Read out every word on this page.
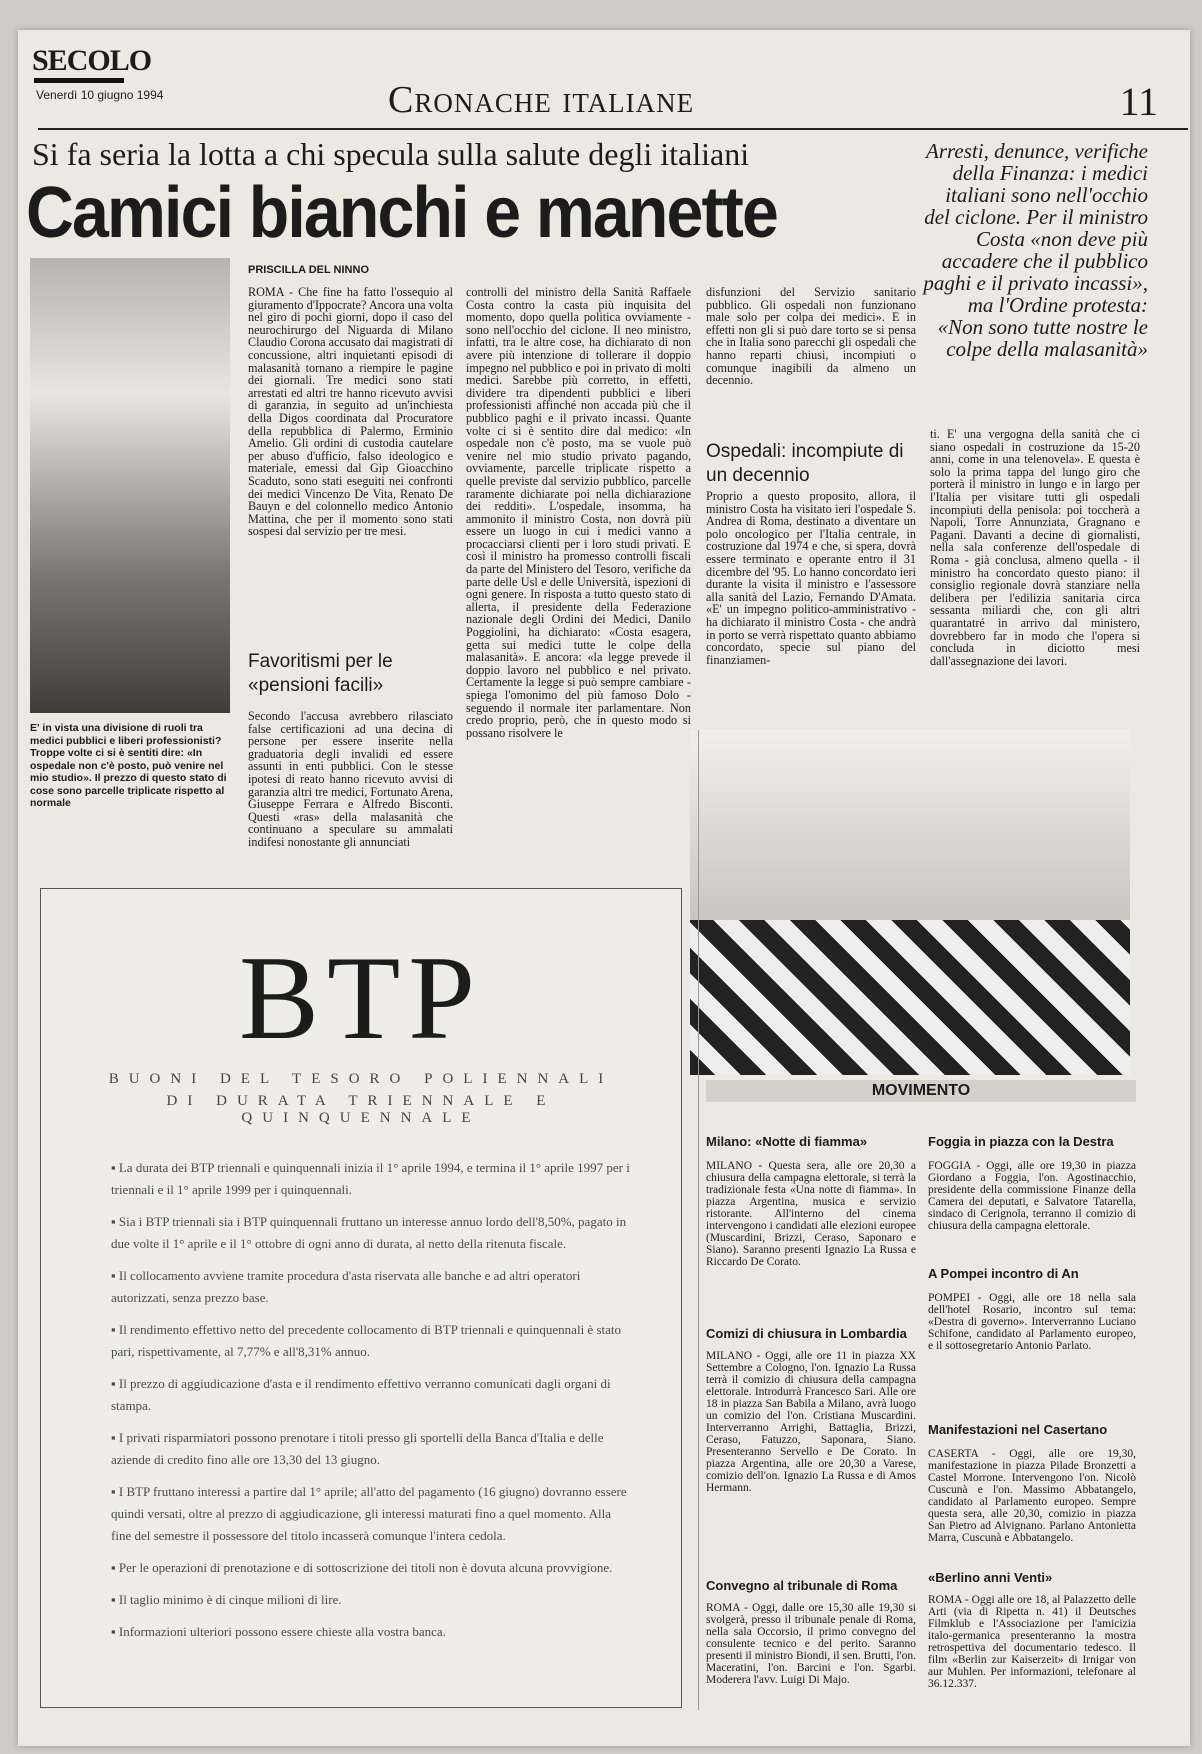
SECOLO
Venerdì 10 giugno 1994	Cronache italiane	11
Si fa seria la lotta a chi specula sulla salute degli italiani
Camici bianchi e manette
Arresti, denunce, verifiche della Finanza: i medici italiani sono nell'occhio del ciclone. Per il ministro Costa «non deve più accadere che il pubblico paghi e il privato incassi», ma l'Ordine protesta: «Non sono tutte nostre le colpe della malasanità»
E' in vista una divisione di ruoli tra medici pubblici e liberi professionisti? Troppe volte ci si è sentiti dire: «In ospedale non c'è posto, può venire nel mio studio». Il prezzo di questo stato di cose sono parcelle triplicate rispetto al normale
PRISCILLA DEL NINNO
ROMA - Che fine ha fatto l'ossequio al giuramento d'Ippocrate? Ancora una volta nel giro di pochi giorni, dopo il caso del neurochirurgo del Niguarda di Milano Claudio Corona accusato dai magistrati di concussione, altri inquietanti episodi di malasanità tornano a riempire le pagine dei giornali. Tre medici sono stati arrestati ed altri tre hanno ricevuto avvisi di garanzia, in seguito ad un'inchiesta della Digos coordinata dal Procuratore della repubblica di Palermo, Erminio Amelio. Gli ordini di custodia cautelare per abuso d'ufficio, falso ideologico e materiale, emessi dal Gip Gioacchino Scaduto, sono stati eseguiti nei confronti dei medici Vincenzo De Vita, Renato De Bauyn e del colonnello medico Antonio Mattina, che per il momento sono stati sospesi dal servizio per tre mesi.
Favoritismi per le «pensioni facili»
Secondo l'accusa avrebbero rilasciato false certificazioni ad una decina di persone per essere inserite nella graduatoria degli invalidi ed essere assunti in enti pubblici. Con le stesse ipotesi di reato hanno ricevuto avvisi di garanzia altri tre medici, Fortunato Arena, Giuseppe Ferrara e Alfredo Bisconti. Questi «ras» della malasanità che continuano a speculare su ammalati indifesi nonostante gli annunciati
controlli del ministro della Sanità Raffaele Costa contro la casta più inquisita del momento, dopo quella politica ovviamente - sono nell'occhio del ciclone. Il neo ministro, infatti, tra le altre cose, ha dichiarato di non avere più intenzione di tollerare il doppio impegno nel pubblico e poi in privato di molti medici. Sarebbe più corretto, in effetti, dividere tra dipendenti pubblici e liberi professionisti affinché non accada più che il pubblico paghi e il privato incassi. Quante volte ci si è sentito dire dal medico: «In ospedale non c'è posto, ma se vuole può venire nel mio studio privato pagando, ovviamente, parcelle triplicate rispetto a quelle previste dal servizio pubblico, parcelle raramente dichiarate poi nella dichiarazione dei redditi». L'ospedale, insomma, ha ammonito il ministro Costa, non dovrà più essere un luogo in cui i medici vanno a procacciarsi clienti per i loro studi privati. E così il ministro ha promesso controlli fiscali da parte del Ministero del Tesoro, verifiche da parte delle Usl e delle Università, ispezioni di ogni genere. In risposta a tutto questo stato di allerta, il presidente della Federazione nazionale degli Ordini dei Medici, Danilo Poggiolini, ha dichiarato: «Costa esagera, getta sui medici tutte le colpe della malasanità». E ancora: «la legge prevede il doppio lavoro nel pubblico e nel privato. Certamente la legge si può sempre cambiare - spiega l'omonimo del più famoso Dolo - seguendo il normale iter parlamentare. Non credo proprio, però, che in questo modo si possano risolvere le
disfunzioni del Servizio sanitario pubblico. Gli ospedali non funzionano male solo per colpa dei medici». E in effetti non gli si può dare torto se si pensa che in Italia sono parecchi gli ospedali che hanno reparti chiusi, incompiuti o comunque inagibili da almeno un decennio.
Ospedali: incompiute di un decennio
Proprio a questo proposito, allora, il ministro Costa ha visitato ieri l'ospedale S. Andrea di Roma, destinato a diventare un polo oncologico per l'Italia centrale, in costruzione dal 1974 e che, si spera, dovrà essere terminato e operante entro il 31 dicembre del '95. Lo hanno concordato ieri durante la visita il ministro e l'assessore alla sanità del Lazio, Fernando D'Amata. «E' un impegno politico-amministrativo - ha dichiarato il ministro Costa - che andrà in porto se verrà rispettato quanto abbiamo concordato, specie sul piano del finanziamen-
ti. E' una vergogna della sanità che ci siano ospedali in costruzione da 15-20 anni, come in una telenovela». E questa è solo la prima tappa del lungo giro che porterà il ministro in lungo e in largo per l'Italia per visitare tutti gli ospedali incompiuti della penisola: poi toccherà a Napoli, Torre Annunziata, Gragnano e Pagani. Davanti a decine di giornalisti, nella sala conferenze dell'ospedale di Roma - già conclusa, almeno quella - il ministro ha concordato questo piano: il consiglio regionale dovrà stanziare nella delibera per l'edilizia sanitaria circa sessanta miliardi che, con gli altri quarantatré in arrivo dal ministero, dovrebbero far in modo che l'opera si concluda in diciotto mesi dall'assegnazione dei lavori.
BTP
BUONI DEL TESORO POLIENNALI
DI DURATA TRIENNALE E QUINQUENNALE
▪ La durata dei BTP triennali e quinquennali inizia il 1° aprile 1994, e termina il 1° aprile 1997 per i triennali e il 1° aprile 1999 per i quinquennali.
▪ Sia i BTP triennali sia i BTP quinquennali fruttano un interesse annuo lordo dell'8,50%, pagato in due volte il 1° aprile e il 1° ottobre di ogni anno di durata, al netto della ritenuta fiscale.
▪ Il collocamento avviene tramite procedura d'asta riservata alle banche e ad altri operatori autorizzati, senza prezzo base.
▪ Il rendimento effettivo netto del precedente collocamento di BTP triennali e quinquennali è stato pari, rispettivamente, al 7,77% e all'8,31% annuo.
▪ Il prezzo di aggiudicazione d'asta e il rendimento effettivo verranno comunicati dagli organi di stampa.
▪ I privati risparmiatori possono prenotare i titoli presso gli sportelli della Banca d'Italia e delle aziende di credito fino alle ore 13,30 del 13 giugno.
▪ I BTP fruttano interessi a partire dal 1° aprile; all'atto del pagamento (16 giugno) dovranno essere quindi versati, oltre al prezzo di aggiudicazione, gli interessi maturati fino a quel momento. Alla fine del semestre il possessore del titolo incasserà comunque l'intera cedola.
▪ Per le operazioni di prenotazione e di sottoscrizione dei titoli non è dovuta alcuna provvigione.
▪ Il taglio minimo è di cinque milioni di lire.
▪ Informazioni ulteriori possono essere chieste alla vostra banca.
MOVIMENTO
Milano: «Notte di fiamma»
MILANO - Questa sera, alle ore 20,30 a chiusura della campagna elettorale, si terrà la tradizionale festa «Una notte di fiamma». In piazza Argentina, musica e servizio ristorante. All'interno del cinema intervengono i candidati alle elezioni europee (Muscardini, Brizzi, Ceraso, Saponaro e Siano). Saranno presenti Ignazio La Russa e Riccardo De Corato.
Comizi di chiusura in Lombardia
MILANO - Oggi, alle ore 11 in piazza XX Settembre a Cologno, l'on. Ignazio La Russa terrà il comizio di chiusura della campagna elettorale. Introdurrà Francesco Sari. Alle ore 18 in piazza San Babila a Milano, avrà luogo un comizio del l'on. Cristiana Muscardini. Interverranno Arrighi, Battaglia, Brizzi, Ceraso, Fatuzzo, Saponara, Siano. Presenteranno Servello e De Corato. In piazza Argentina, alle ore 20,30 a Varese, comizio dell'on. Ignazio La Russa e di Amos Hermann.
Convegno al tribunale di Roma
ROMA - Oggi, dalle ore 15,30 alle 19,30 si svolgerà, presso il tribunale penale di Roma, nella sala Occorsio, il primo convegno del consulente tecnico e del perito. Saranno presenti il ministro Biondi, il sen. Brutti, l'on. Maceratini, l'on. Barcini e l'on. Sgarbi. Moderera l'avv. Luigi Di Majo.
Foggia in piazza con la Destra
FOGGIA - Oggi, alle ore 19,30 in piazza Giordano a Foggia, l'on. Agostinacchio, presidente della commissione Finanze della Camera dei deputati, e Salvatore Tatarella, sindaco di Cerignola, terranno il comizio di chiusura della campagna elettorale.
A Pompei incontro di An
POMPEI - Oggi, alle ore 18 nella sala dell'hotel Rosario, incontro sul tema: «Destra di governo». Interverranno Luciano Schifone, candidato al Parlamento europeo, e il sottosegretario Antonio Parlato.
Manifestazioni nel Casertano
CASERTA - Oggi, alle ore 19,30, manifestazione in piazza Pilade Bronzetti a Castel Morrone. Intervengono l'on. Nicolò Cuscunà e l'on. Massimo Abbatangelo, candidato al Parlamento europeo. Sempre questa sera, alle 20,30, comizio in piazza San Pietro ad Alvignano. Parlano Antonietta Marra, Cuscunà e Abbatangelo.
«Berlino anni Venti»
ROMA - Oggi alle ore 18, al Palazzetto delle Arti (via di Ripetta n. 41) il Deutsches Filmklub e l'Associazione per l'amicizia italo-germanica presenteranno la mostra retrospettiva del documentario tedesco. Il film «Berlin zur Kaiserzeit» di Irnigar von aur Muhlen. Per informazioni, telefonare al 36.12.337.
